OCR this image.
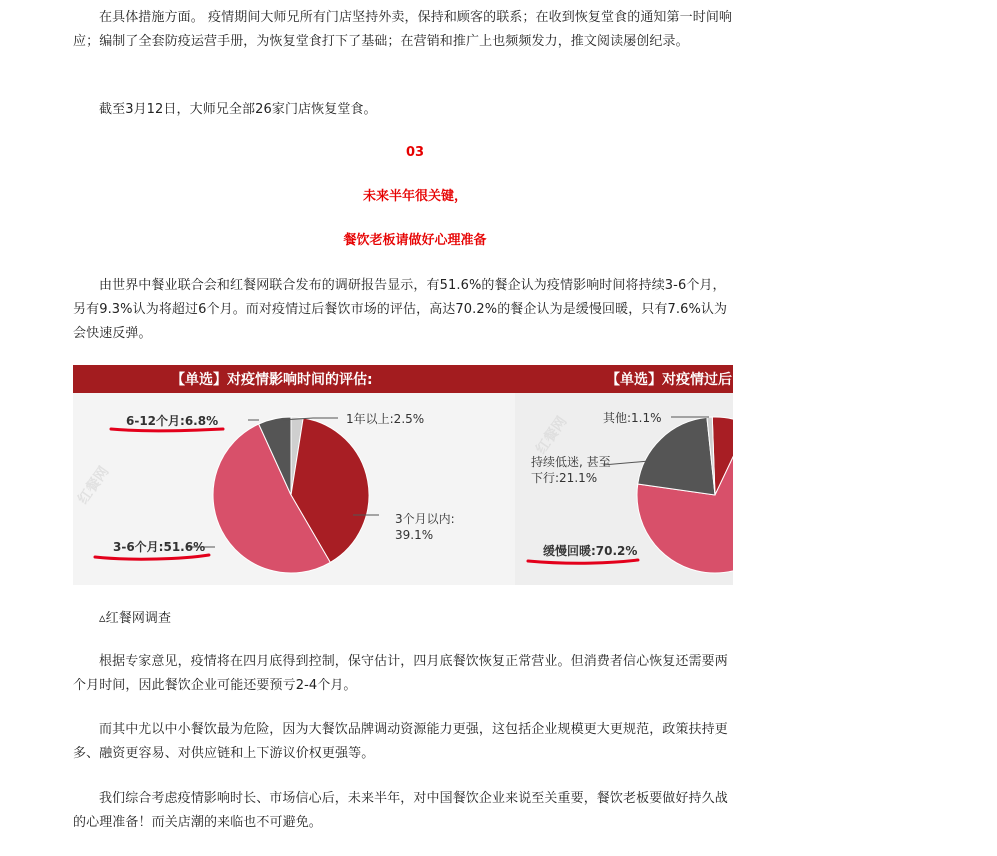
在具体措施方面。 疫情期间大师兄所有门店坚持外卖，保持和顾客的联系；在收到恢复堂食的通知第一时间响应；编制了全套防疫运营手册，为恢复堂食打下了基础；在营销和推广上也频频发力，推文阅读屡创纪录。

截至3月12日，大师兄全部26家门店恢复堂食。

03
未来半年很关键，
餐饮老板请做好心理准备

由世界中餐业联合会和红餐网联合发布的调研报告显示，有51.6%的餐企认为疫情影响时间将持续3-6个月，另有9.3%认为将超过6个月。而对疫情过后餐饮市场的评估，高达70.2%的餐企认为是缓慢回暖，只有7.6%认为会快速反弹。

【单选】对疫情影响时间的评估:	【单选】对疫情过后
红餐网
红餐网
1年以上:2.5%
3个月以内:
39.1%
3-6个月:51.6%
6-12个月:6.8%	其他:1.1%
持续低迷, 甚至
下行:21.1%
缓慢回暖:70.2%

▵红餐网调查

根据专家意见，疫情将在四月底得到控制，保守估计，四月底餐饮恢复正常营业。但消费者信心恢复还需要两个月时间，因此餐饮企业可能还要预亏2-4个月。

而其中尤以中小餐饮最为危险，因为大餐饮品牌调动资源能力更强，这包括企业规模更大更规范，政策扶持更多、融资更容易、对供应链和上下游议价权更强等。

我们综合考虑疫情影响时长、市场信心后，未来半年，对中国餐饮企业来说至关重要，餐饮老板要做好持久战的心理准备！而关店潮的来临也不可避免。
